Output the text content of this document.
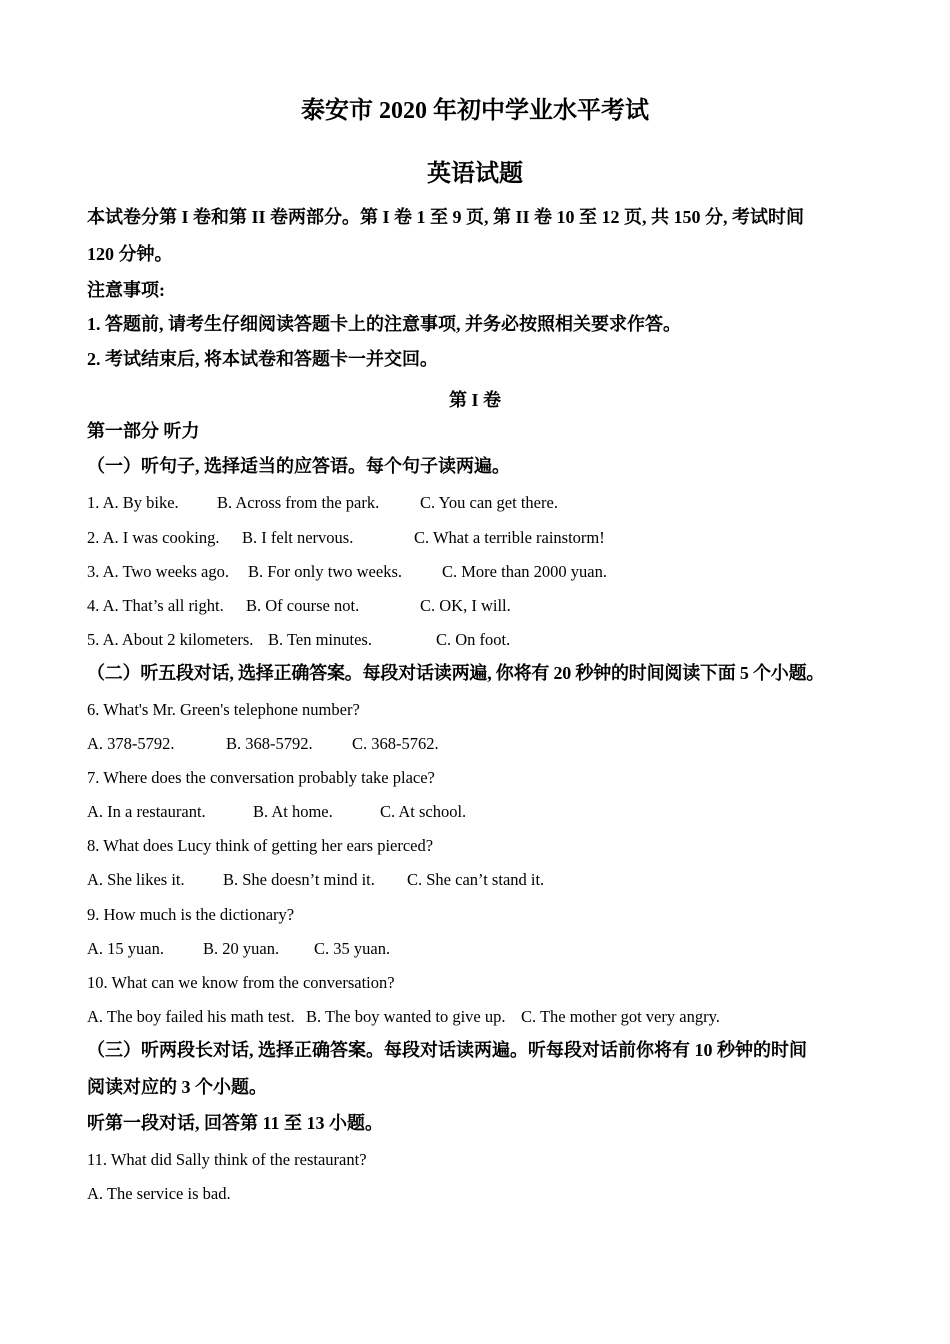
泰安市 2020 年初中学业水平考试
英语试题
本试卷分第 I 卷和第 II 卷两部分。第 I 卷 1 至 9 页, 第 II 卷 10 至 12 页, 共 150 分, 考试时间
120 分钟。
注意事项:
1. 答题前, 请考生仔细阅读答题卡上的注意事项, 并务必按照相关要求作答。
2. 考试结束后, 将本试卷和答题卡一并交回。
第 I 卷
第一部分 听力
（一）听句子, 选择适当的应答语。每个句子读两遍。
1. A. By bike. B. Across from the park. C. You can get there.
2. A. I was cooking. B. I felt nervous.	C. What a terrible rainstorm!
3. A. Two weeks ago. B. For only two weeks. C. More than 2000 yuan.
4. A. That’s all right. B. Of course not.	C. OK, I will.
5. A. About 2 kilometers. B. Ten minutes.	C. On foot.
（二）听五段对话, 选择正确答案。每段对话读两遍, 你将有 20 秒钟的时间阅读下面 5 个小题。
6. What's Mr. Green's telephone number?
A. 378-5792.	B. 368-5792. C. 368-5762.
7. Where does the conversation probably take place?
A. In a restaurant.	B. At home.	C. At school.
8. What does Lucy think of getting her ears pierced?
A. She likes it. B. She doesn’t mind it. C. She can’t stand it.
9. How much is the dictionary?
A. 15 yuan. B. 20 yuan. C. 35 yuan.
10. What can we know from the conversation?
A. The boy failed his math test. B. The boy wanted to give up. C. The mother got very angry.
（三）听两段长对话, 选择正确答案。每段对话读两遍。听每段对话前你将有 10 秒钟的时间
阅读对应的 3 个小题。
听第一段对话, 回答第 11 至 13 小题。
11. What did Sally think of the restaurant?
A. The service is bad.
